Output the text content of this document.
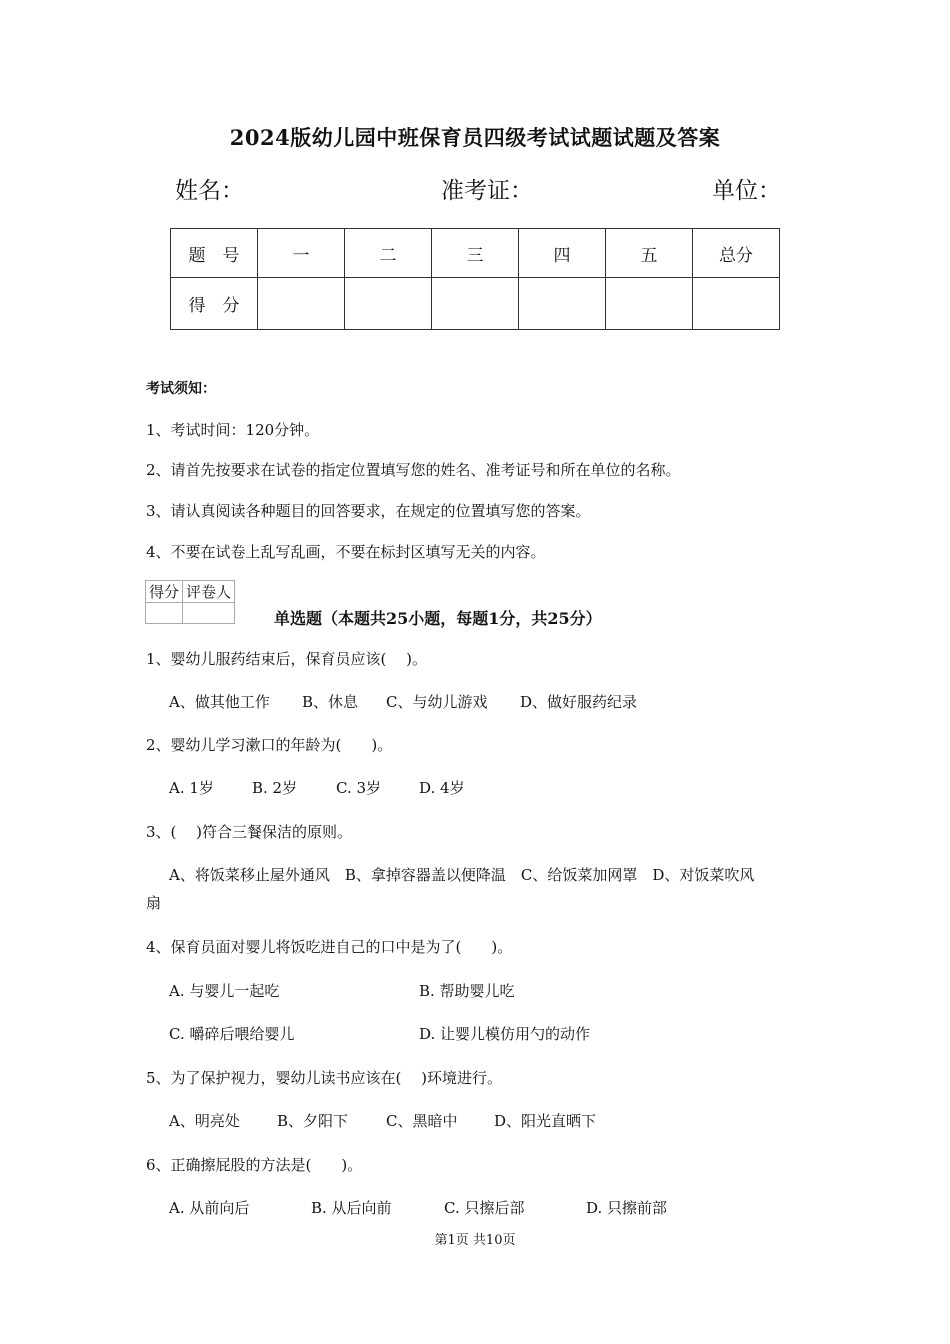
2024版幼儿园中班保育员四级考试试题试题及答案
姓名：	准考证：	单位：
题　号	一	二	三	四	五	总分
得　分						
考试须知：
1、考试时间：120分钟。
2、请首先按要求在试卷的指定位置填写您的姓名、准考证号和所在单位的名称。
3、请认真阅读各种题目的回答要求，在规定的位置填写您的答案。
4、不要在试卷上乱写乱画，不要在标封区填写无关的内容。
得分	评卷人

单选题（本题共25小题，每题1分，共25分）
1、婴幼儿服药结束后，保育员应该(　 )。
A、做其他工作 B、休息 C、与幼儿游戏 D、做好服药纪录
2、婴幼儿学习漱口的年龄为(　　)。
A. 1岁	B. 2岁	C. 3岁	D. 4岁
3、(　 )符合三餐保洁的原则。
A、将饭菜移止屋外通风　B、拿掉容器盖以便降温　C、给饭菜加网罩　D、对饭菜吹风
扇
4、保育员面对婴儿将饭吃进自己的口中是为了(　　)。
A. 与婴儿一起吃	B. 帮助婴儿吃
C. 嚼碎后喂给婴儿	D. 让婴儿模仿用勺的动作
5、为了保护视力，婴幼儿读书应该在(　 )环境进行。
A、明亮处 B、夕阳下	C、黑暗中 D、阳光直晒下
6、正确擦屁股的方法是(　　)。
A. 从前向后	B. 从后向前	C. 只擦后部	D. 只擦前部
第1页 共10页
